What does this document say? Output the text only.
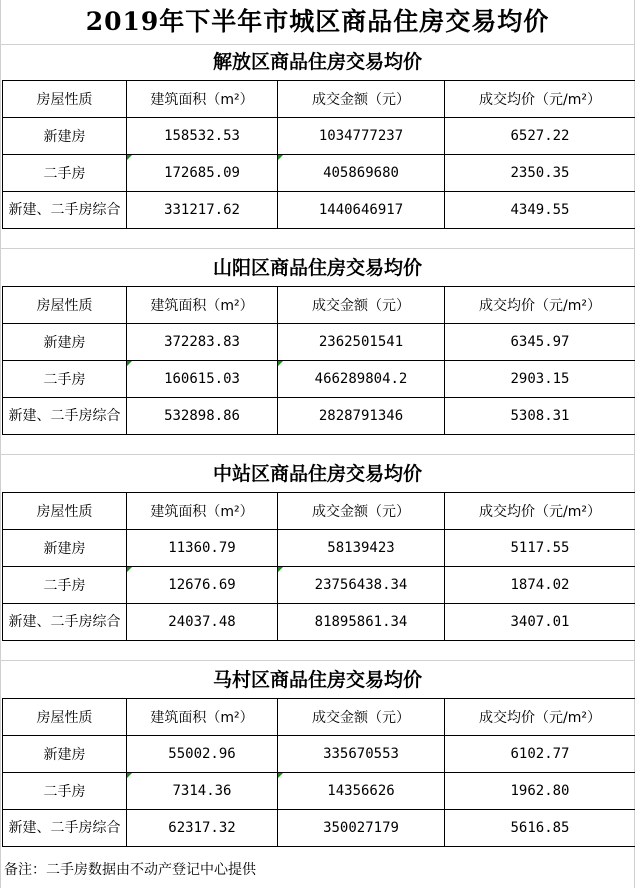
2019年下半年市城区商品住房交易均价
解放区商品住房交易均价
房屋性质	建筑面积（m²）	成交金额（元）	成交均价（元/m²）
新建房	158532.53	1034777237	6527.22
二手房	172685.09	405869680	2350.35
新建、二手房综合	331217.62	1440646917	4349.55
山阳区商品住房交易均价
房屋性质	建筑面积（m²）	成交金额（元）	成交均价（元/m²）
新建房	372283.83	2362501541	6345.97
二手房	160615.03	466289804.2	2903.15
新建、二手房综合	532898.86	2828791346	5308.31
中站区商品住房交易均价
房屋性质	建筑面积（m²）	成交金额（元）	成交均价（元/m²）
新建房	11360.79	58139423	5117.55
二手房	12676.69	23756438.34	1874.02
新建、二手房综合	24037.48	81895861.34	3407.01
马村区商品住房交易均价
房屋性质	建筑面积（m²）	成交金额（元）	成交均价（元/m²）
新建房	55002.96	335670553	6102.77
二手房	7314.36	14356626	1962.80
新建、二手房综合	62317.32	350027179	5616.85
备注：二手房数据由不动产登记中心提供
